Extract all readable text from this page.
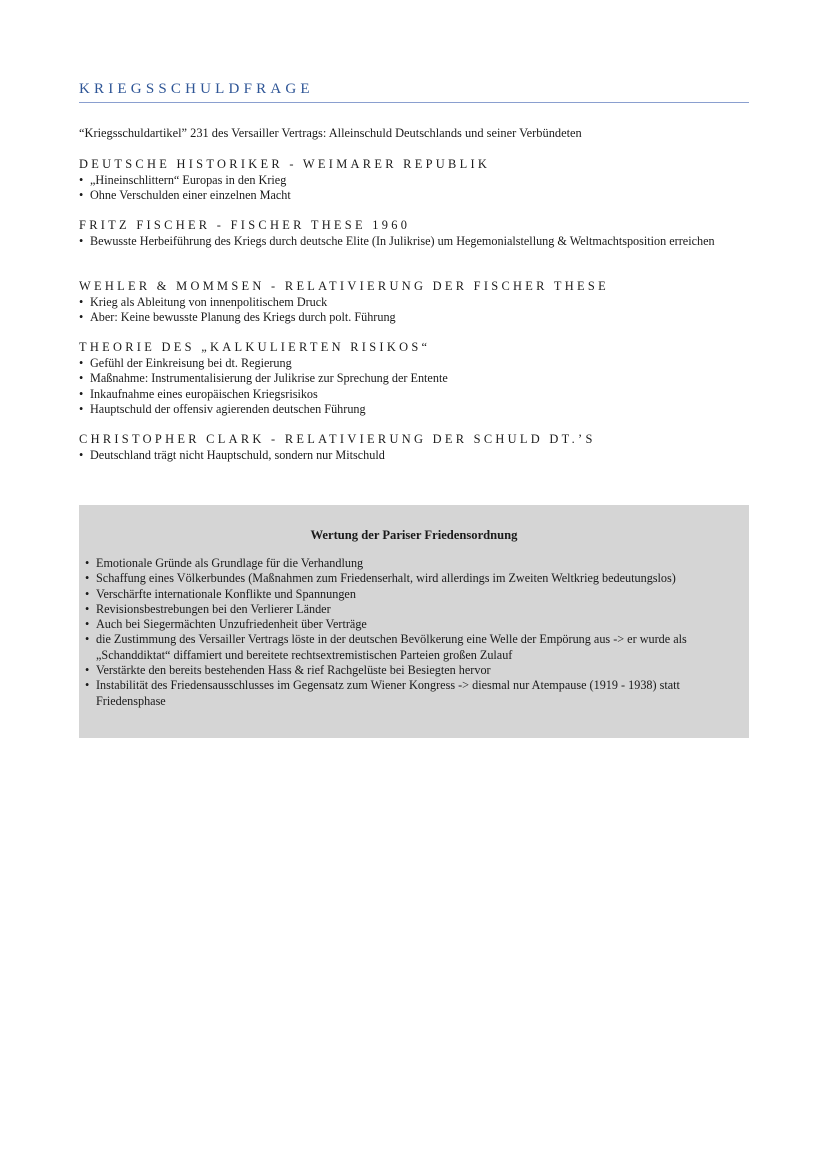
KRIEGSSCHULDFRAGE
“Kriegsschuldartikel” 231 des Versailler Vertrags: Alleinschuld Deutschlands und seiner Verbündeten
DEUTSCHE HISTORIKER - WEIMARER REPUBLIK
• „Hineinschlittern“ Europas in den Krieg
• Ohne Verschulden einer einzelnen Macht
FRITZ FISCHER - FISCHER THESE 1960
• Bewusste Herbeiführung des Kriegs durch deutsche Elite (In Julikrise) um Hegemonialstellung & Weltmachtsposition erreichen
WEHLER & MOMMSEN - RELATIVIERUNG DER FISCHER THESE
• Krieg als Ableitung von innenpolitischem Druck
• Aber: Keine bewusste Planung des Kriegs durch polt. Führung
THEORIE DES „KALKULIERTEN RISIKOS“
• Gefühl der Einkreisung bei dt. Regierung
• Maßnahme: Instrumentalisierung der Julikrise zur Sprechung der Entente
• Inkaufnahme eines europäischen Kriegsrisikos
• Hauptschuld der offensiv agierenden deutschen Führung
CHRISTOPHER CLARK - RELATIVIERUNG DER SCHULD DT.’S
• Deutschland trägt nicht Hauptschuld, sondern nur Mitschuld
Wertung der Pariser Friedensordnung
• Emotionale Gründe als Grundlage für die Verhandlung
• Schaffung eines Völkerbundes (Maßnahmen zum Friedenserhalt, wird allerdings im Zweiten Weltkrieg bedeutungslos)
• Verschärfte internationale Konflikte und Spannungen
• Revisionsbestrebungen bei den Verlierer Länder
• Auch bei Siegermächten Unzufriedenheit über Verträge
• die Zustimmung des Versailler Vertrags löste in der deutschen Bevölkerung eine Welle der Empörung aus -> er wurde als „Schanddiktat“ diffamiert und bereitete rechtsextremistischen Parteien großen Zulauf
• Verstärkte den bereits bestehenden Hass & rief Rachgelüste bei Besiegten hervor
• Instabilität des Friedensausschlusses im Gegensatz zum Wiener Kongress -> diesmal nur Atempause (1919 - 1938) statt Friedensphase
